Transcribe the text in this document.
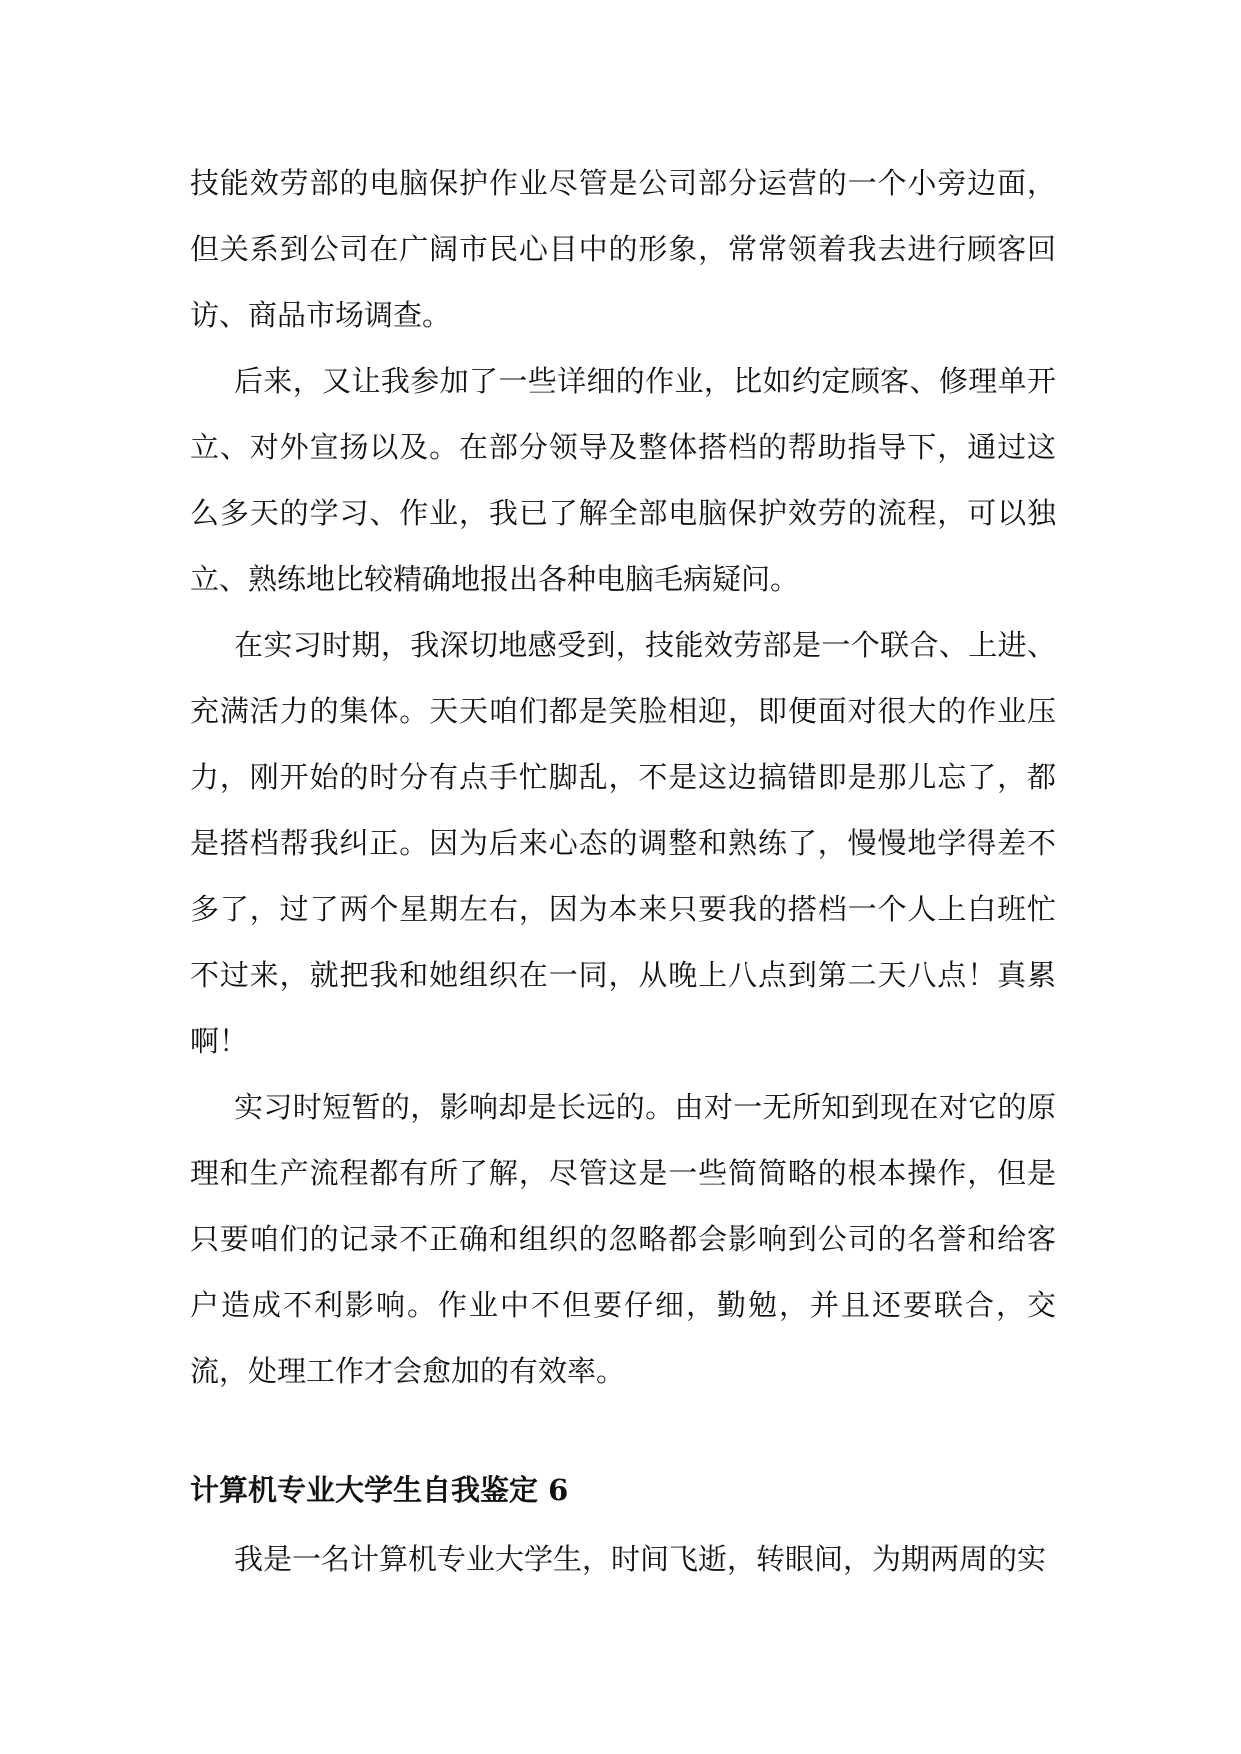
技能效劳部的电脑保护作业尽管是公司部分运营的一个小旁边面，但关系到公司在广阔市民心目中的形象，常常领着我去进行顾客回访、商品市场调查。

后来，又让我参加了一些详细的作业，比如约定顾客、修理单开立、对外宣扬以及。在部分领导及整体搭档的帮助指导下，通过这么多天的学习、作业，我已了解全部电脑保护效劳的流程，可以独立、熟练地比较精确地报出各种电脑毛病疑问。

在实习时期，我深切地感受到，技能效劳部是一个联合、上进、充满活力的集体。天天咱们都是笑脸相迎，即便面对很大的作业压力，刚开始的时分有点手忙脚乱，不是这边搞错即是那儿忘了，都是搭档帮我纠正。因为后来心态的调整和熟练了，慢慢地学得差不多了，过了两个星期左右，因为本来只要我的搭档一个人上白班忙不过来，就把我和她组织在一同，从晚上八点到第二天八点！真累啊！

实习时短暂的，影响却是长远的。由对一无所知到现在对它的原理和生产流程都有所了解，尽管这是一些简简略的根本操作，但是只要咱们的记录不正确和组织的忽略都会影响到公司的名誉和给客户造成不利影响。作业中不但要仔细，勤勉，并且还要联合，交流，处理工作才会愈加的有效率。

计算机专业大学生自我鉴定 6

我是一名计算机专业大学生，时间飞逝，转眼间，为期两周的实
